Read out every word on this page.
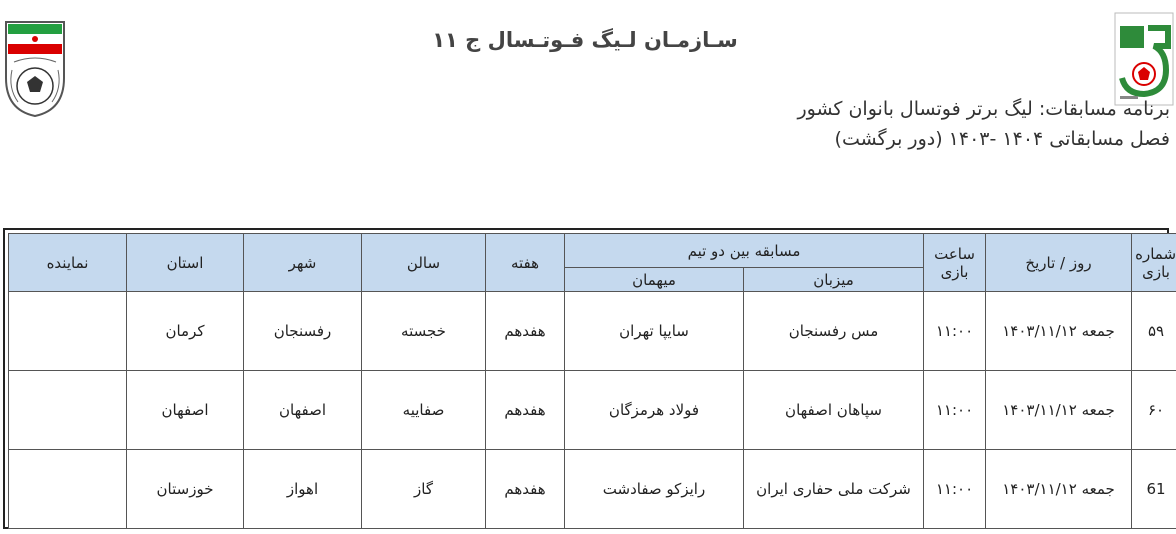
سـازمـان لـیگ فـوتـسال ج ۱۱
برنامه مسابقات: لیگ برتر فوتسال بانوان کشور
فصل مسابقاتی ۱۴۰۴ -۱۴۰۳ (دور برگشت)
شماره بازی	روز / تاریخ	ساعت بازی	مسابقه بین دو تیم		هفته	سالن	شهر	استان	نماینده
			میزبان	میهمان					
۵۹	جمعه ۱۴۰۳/۱۱/۱۲	۱۱:۰۰	مس رفسنجان	سایپا تهران	هفدهم	خجسته	رفسنجان	کرمان	
۶۰	جمعه ۱۴۰۳/۱۱/۱۲	۱۱:۰۰	سپاهان اصفهان	فولاد هرمزگان	هفدهم	صفاییه	اصفهان	اصفهان	
61	جمعه ۱۴۰۳/۱۱/۱۲	۱۱:۰۰	شرکت ملی حفاری ایران	رایزکو صفادشت	هفدهم	گاز	اهواز	خوزستان	
